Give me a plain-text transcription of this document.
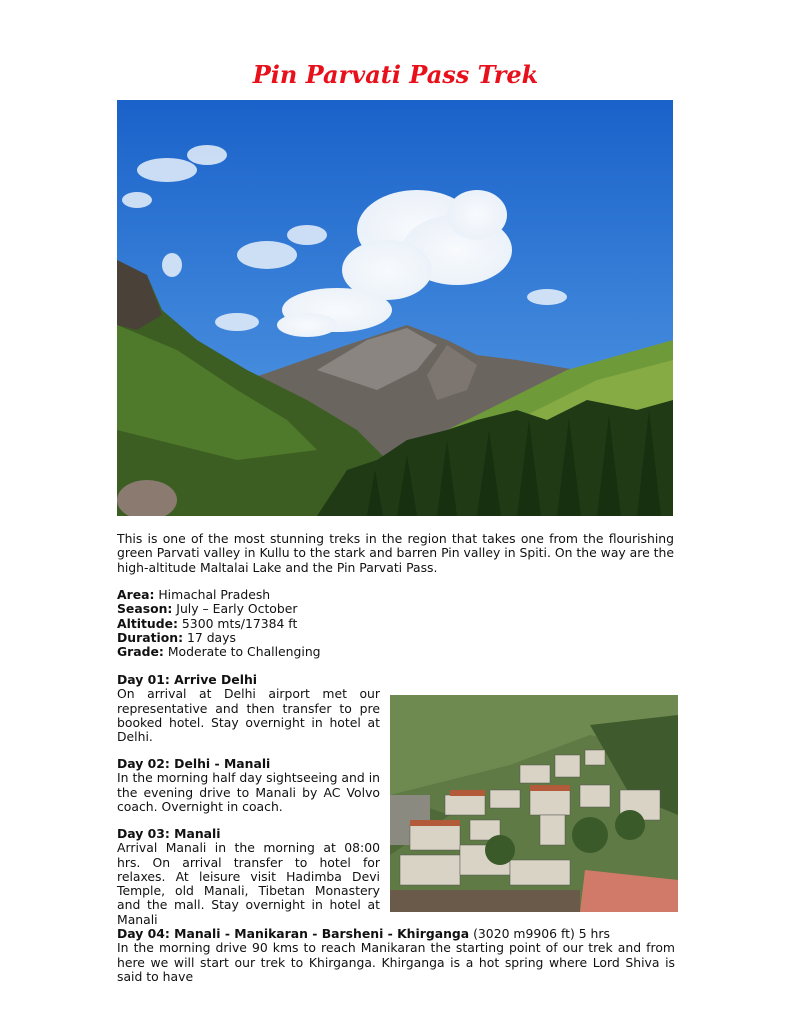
Pin Parvati Pass Trek

This is one of the most stunning treks in the region that takes one from the flourishing green Parvati valley in Kullu to the stark and barren Pin valley in Spiti. On the way are the high-altitude Maltalai Lake and the Pin Parvati Pass.

Area: Himachal Pradesh
Season: July – Early October
Altitude: 5300 mts/17384 ft
Duration: 17 days
Grade: Moderate to Challenging
Day 01: Arrive Delhi
On arrival at Delhi airport met our representative and then transfer to pre booked hotel. Stay overnight in hotel at Delhi.
Day 02: Delhi - Manali
In the morning half day sightseeing and in the evening drive to Manali by AC Volvo coach. Overnight in coach.
Day 03: Manali
Arrival Manali in the morning at 08:00 hrs. On arrival transfer to hotel for relaxes. At leisure visit Hadimba Devi Temple, old Manali, Tibetan Monastery and the mall. Stay overnight in hotel at Manali
Day 04: Manali - Manikaran - Barsheni - Khirganga (3020 m9906 ft) 5 hrs
In the morning drive 90 kms to reach Manikaran the starting point of our trek and from here we will start our trek to Khirganga. Khirganga is a hot spring where Lord Shiva is said to have
